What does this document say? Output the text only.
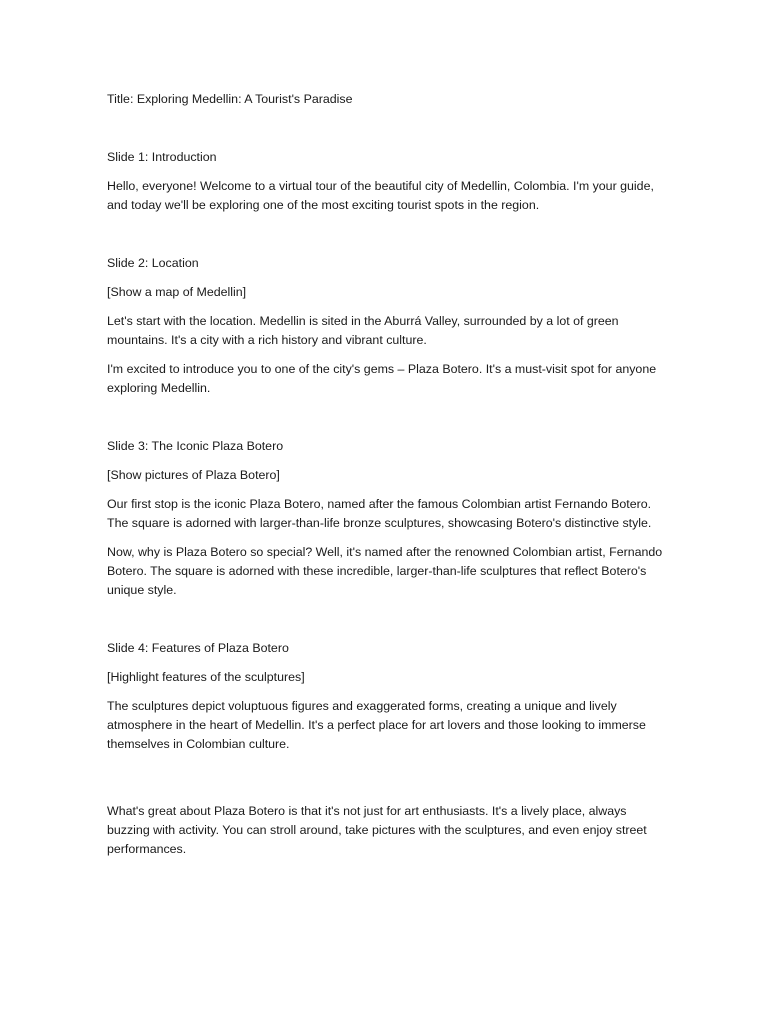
Title: Exploring Medellin: A Tourist's Paradise

Slide 1: Introduction

Hello, everyone! Welcome to a virtual tour of the beautiful city of Medellin, Colombia. I'm your guide, and today we'll be exploring one of the most exciting tourist spots in the region.

Slide 2: Location

[Show a map of Medellin]

Let's start with the location. Medellin is sited in the Aburrá Valley, surrounded by a lot of green mountains. It's a city with a rich history and vibrant culture.

I'm excited to introduce you to one of the city's gems – Plaza Botero. It's a must-visit spot for anyone exploring Medellin.

Slide 3: The Iconic Plaza Botero

[Show pictures of Plaza Botero]

Our first stop is the iconic Plaza Botero, named after the famous Colombian artist Fernando Botero. The square is adorned with larger-than-life bronze sculptures, showcasing Botero's distinctive style.

Now, why is Plaza Botero so special? Well, it's named after the renowned Colombian artist, Fernando Botero. The square is adorned with these incredible, larger-than-life sculptures that reflect Botero's unique style.

Slide 4: Features of Plaza Botero

[Highlight features of the sculptures]

The sculptures depict voluptuous figures and exaggerated forms, creating a unique and lively atmosphere in the heart of Medellin. It's a perfect place for art lovers and those looking to immerse themselves in Colombian culture.

What's great about Plaza Botero is that it's not just for art enthusiasts. It's a lively place, always buzzing with activity. You can stroll around, take pictures with the sculptures, and even enjoy street performances.
